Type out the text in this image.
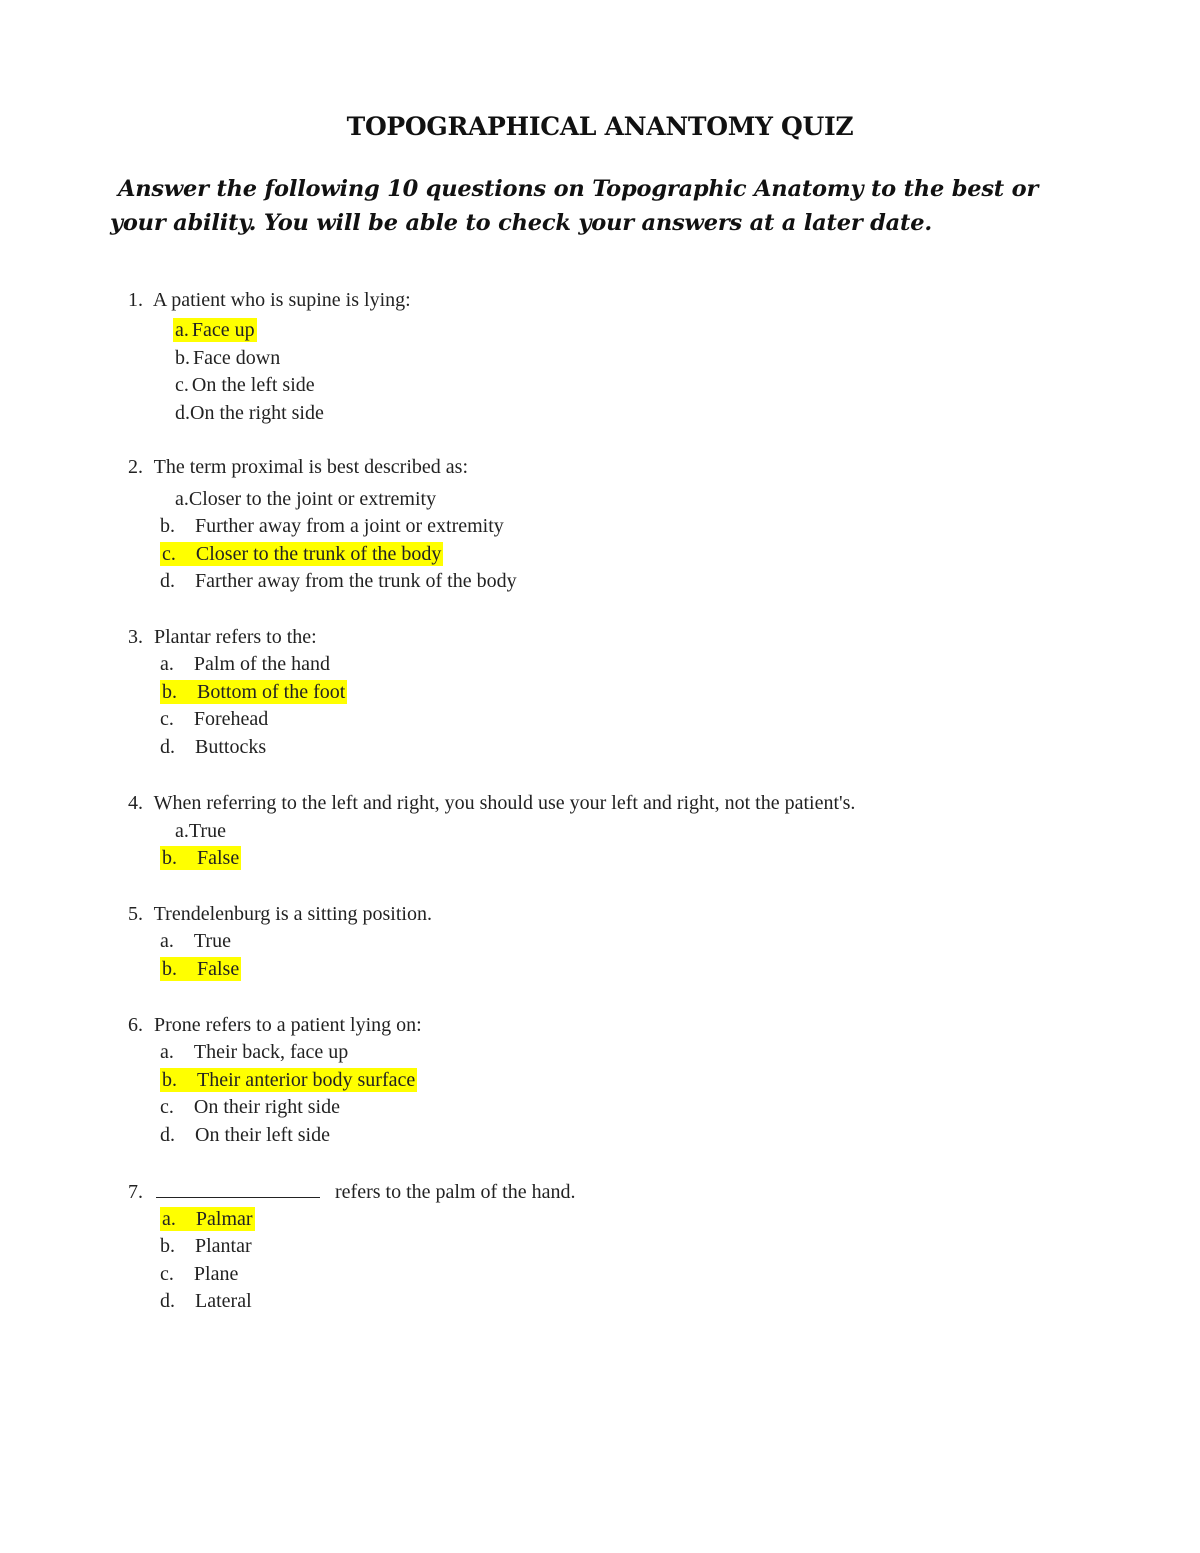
TOPOGRAPHICAL ANANTOMY QUIZ
Answer the following 10 questions on Topographic Anatomy to the best or
your ability. You will be able to check your answers at a later date.
1. A patient who is supine is lying:
a. Face up
b. Face down
c. On the left side
d.On the right side
2. The term proximal is best described as:
a.Closer to the joint or extremity
b. Further away from a joint or extremity
c. Closer to the trunk of the body
d. Farther away from the trunk of the body
3. Plantar refers to the:
a. Palm of the hand
b. Bottom of the foot
c. Forehead
d. Buttocks
4. When referring to the left and right, you should use your left and right, not the patient's.
a.True
b. False
5. Trendelenburg is a sitting position.
a. True
b. False
6. Prone refers to a patient lying on:
a. Their back, face up
b. Their anterior body surface
c. On their right side
d. On their left side
7.	refers to the palm of the hand.
a. Palmar
b. Plantar
c. Plane
d. Lateral
